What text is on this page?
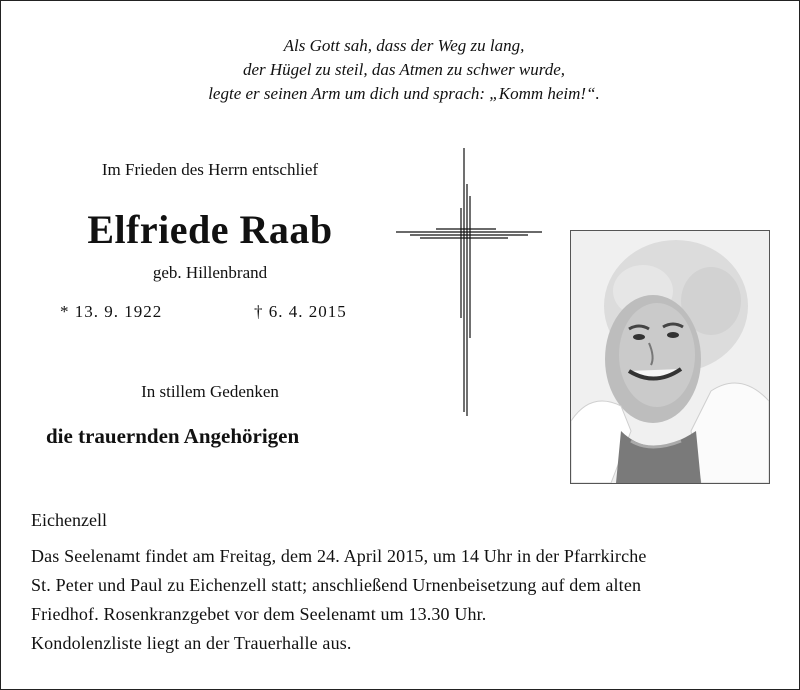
Als Gott sah, dass der Weg zu lang,
der Hügel zu steil, das Atmen zu schwer wurde,
legte er seinen Arm um dich und sprach: „Komm heim!“.
Im Frieden des Herrn entschlief
Elfriede Raab
geb. Hillenbrand
* 13. 9. 1922	† 6. 4. 2015
In stillem Gedenken
die trauernden Angehörigen
Eichenzell
Das Seelenamt findet am Freitag, dem 24. April 2015, um 14 Uhr in der Pfarrkirche
St. Peter und Paul zu Eichenzell statt; anschließend Urnenbeisetzung auf dem alten
Friedhof. Rosenkranzgebet vor dem Seelenamt um 13.30 Uhr.
Kondolenzliste liegt an der Trauerhalle aus.
